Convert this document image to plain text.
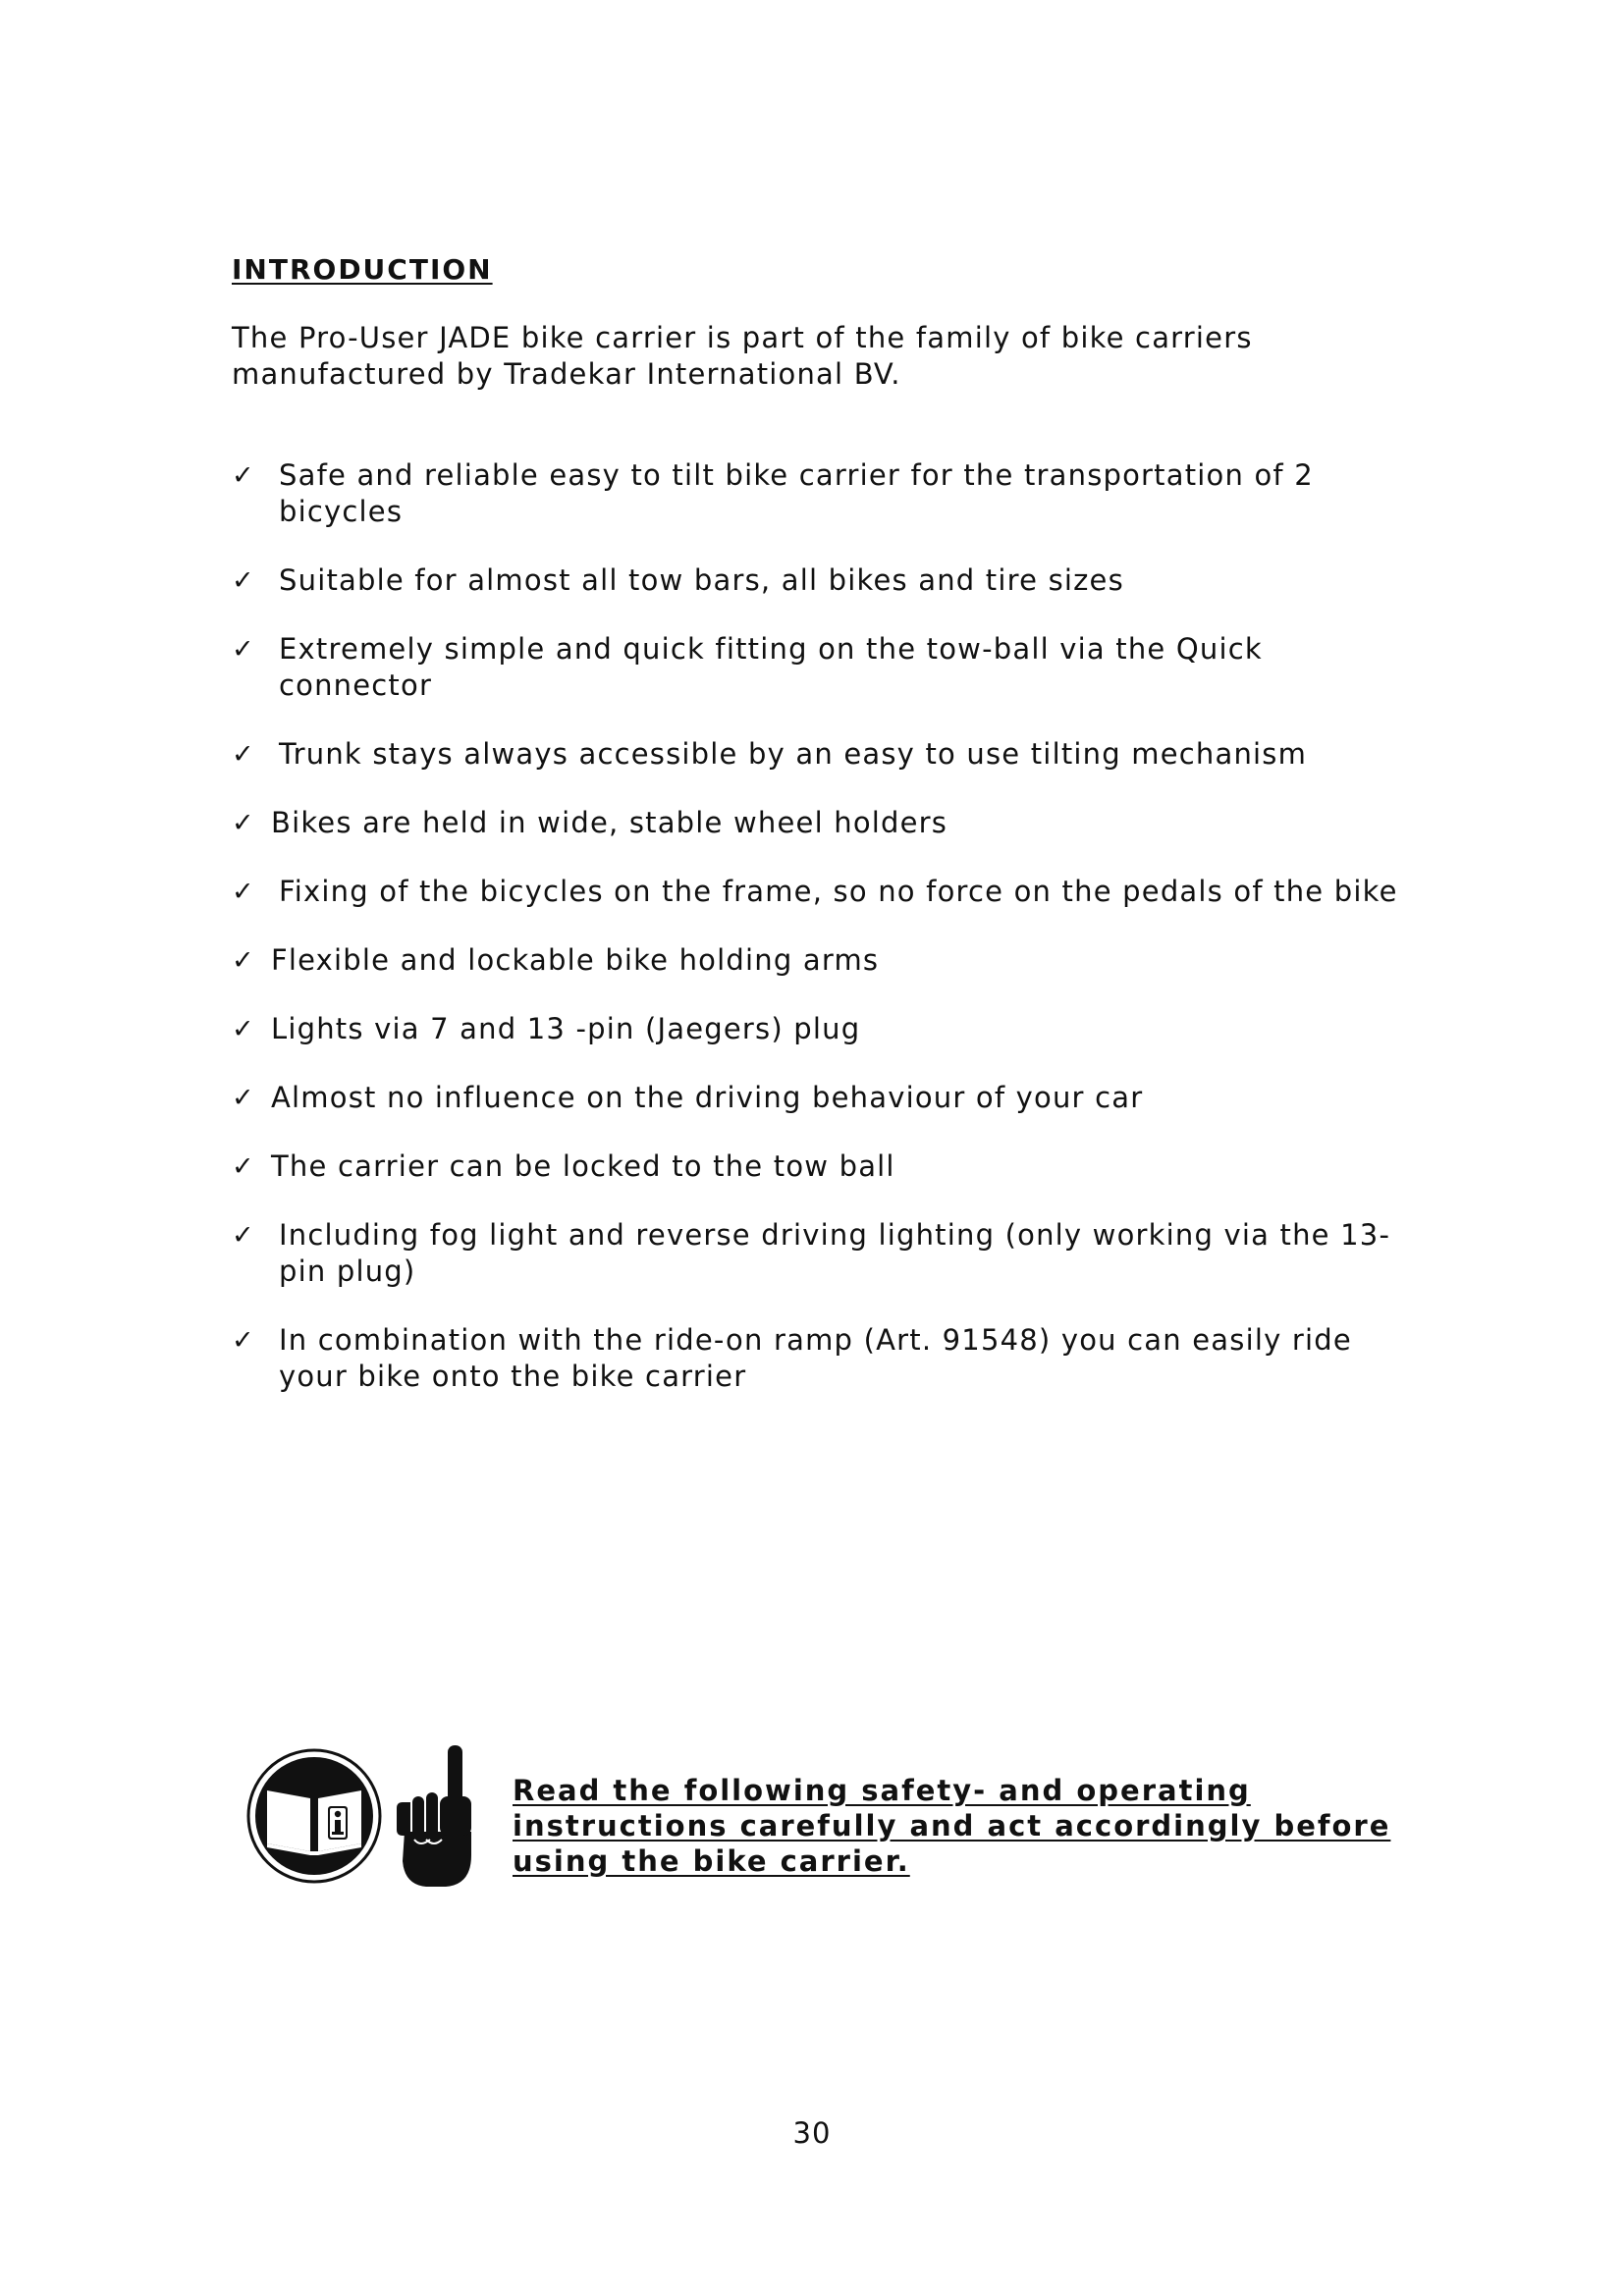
INTRODUCTION

The Pro-User JADE bike carrier is part of the family of bike carriers manufactured by Tradekar International BV.

✓ Safe and reliable easy to tilt bike carrier for the transportation of 2 bicycles
✓ Suitable for almost all tow bars, all bikes and tire sizes
✓ Extremely simple and quick fitting on the tow-ball via the Quick connector
✓ Trunk stays always accessible by an easy to use tilting mechanism
✓ Bikes are held in wide, stable wheel holders
✓ Fixing of the bicycles on the frame, so no force on the pedals of the bike
✓ Flexible and lockable bike holding arms
✓ Lights via 7 and 13 -pin (Jaegers) plug
✓ Almost no influence on the driving behaviour of your car
✓ The carrier can be locked to the tow ball
✓ Including fog light and reverse driving lighting (only working via the 13-pin plug)
✓ In combination with the ride-on ramp (Art. 91548) you can easily ride your bike onto the bike carrier

Read the following safety- and operating instructions carefully and act accordingly before using the bike carrier.

30
